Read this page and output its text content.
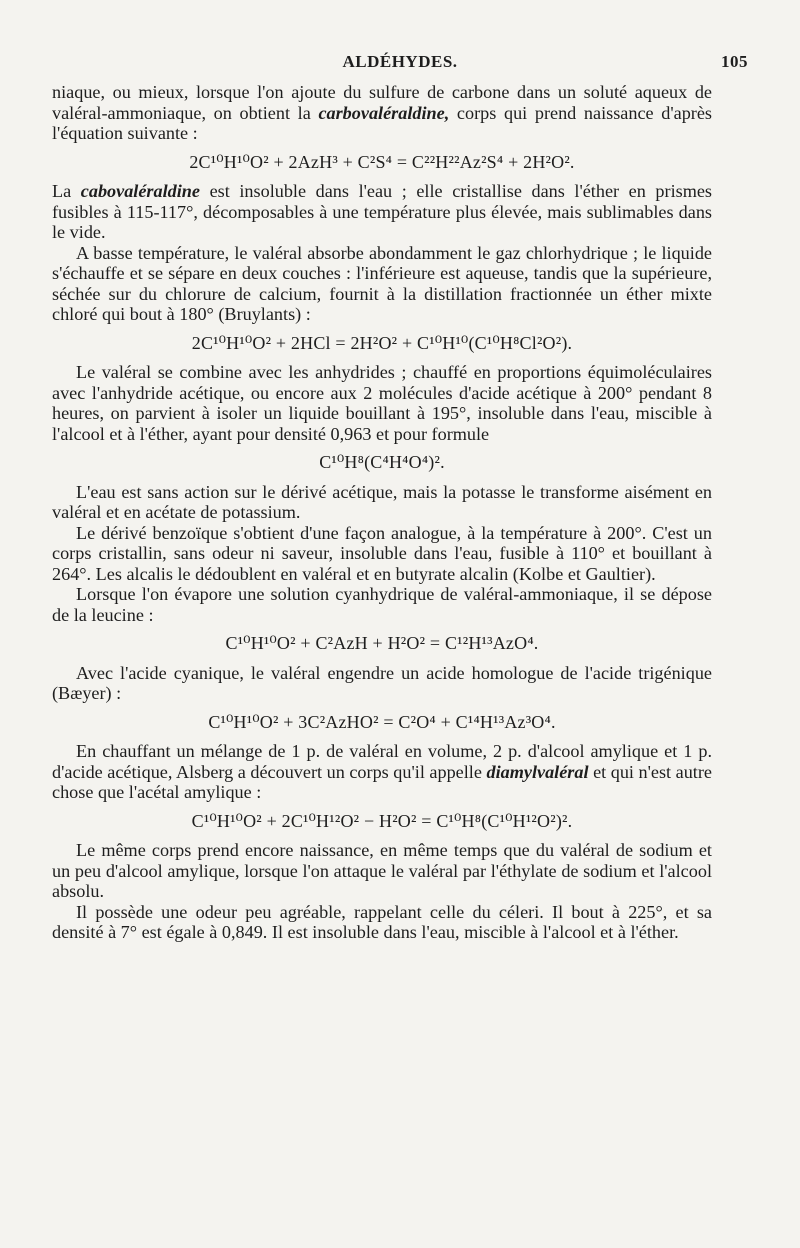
ALDÉHYDES.	105

niaque, ou mieux, lorsque l'on ajoute du sulfure de carbone dans un soluté aqueux de valéral-ammoniaque, on obtient la carbovaléraldine, corps qui prend naissance d'après l'équation suivante :

2C¹⁰H¹⁰O² + 2AzH³ + C²S⁴ = C²²H²²Az²S⁴ + 2H²O².

La cabovaléraldine est insoluble dans l'eau ; elle cristallise dans l'éther en prismes fusibles à 115-117°, décomposables à une température plus élevée, mais sublimables dans le vide.

A basse température, le valéral absorbe abondamment le gaz chlorhydrique ; le liquide s'échauffe et se sépare en deux couches : l'inférieure est aqueuse, tandis que la supérieure, séchée sur du chlorure de calcium, fournit à la distillation fractionnée un éther mixte chloré qui bout à 180° (Bruylants) :

2C¹⁰H¹⁰O² + 2HCl = 2H²O² + C¹⁰H¹⁰(C¹⁰H⁸Cl²O²).

Le valéral se combine avec les anhydrides ; chauffé en proportions équimoléculaires avec l'anhydride acétique, ou encore aux 2 molécules d'acide acétique à 200° pendant 8 heures, on parvient à isoler un liquide bouillant à 195°, insoluble dans l'eau, miscible à l'alcool et à l'éther, ayant pour densité 0,963 et pour formule

C¹⁰H⁸(C⁴H⁴O⁴)².

L'eau est sans action sur le dérivé acétique, mais la potasse le transforme aisément en valéral et en acétate de potassium.

Le dérivé benzoïque s'obtient d'une façon analogue, à la température à 200°. C'est un corps cristallin, sans odeur ni saveur, insoluble dans l'eau, fusible à 110° et bouillant à 264°. Les alcalis le dédoublent en valéral et en butyrate alcalin (Kolbe et Gaultier).

Lorsque l'on évapore une solution cyanhydrique de valéral-ammoniaque, il se dépose de la leucine :

C¹⁰H¹⁰O² + C²AzH + H²O² = C¹²H¹³AzO⁴.

Avec l'acide cyanique, le valéral engendre un acide homologue de l'acide trigénique (Bæyer) :

C¹⁰H¹⁰O² + 3C²AzHO² = C²O⁴ + C¹⁴H¹³Az³O⁴.

En chauffant un mélange de 1 p. de valéral en volume, 2 p. d'alcool amylique et 1 p. d'acide acétique, Alsberg a découvert un corps qu'il appelle diamylvaléral et qui n'est autre chose que l'acétal amylique :

C¹⁰H¹⁰O² + 2C¹⁰H¹²O² − H²O² = C¹⁰H⁸(C¹⁰H¹²O²)².

Le même corps prend encore naissance, en même temps que du valéral de sodium et un peu d'alcool amylique, lorsque l'on attaque le valéral par l'éthylate de sodium et l'alcool absolu.

Il possède une odeur peu agréable, rappelant celle du céleri. Il bout à 225°, et sa densité à 7° est égale à 0,849. Il est insoluble dans l'eau, miscible à l'alcool et à l'éther.
